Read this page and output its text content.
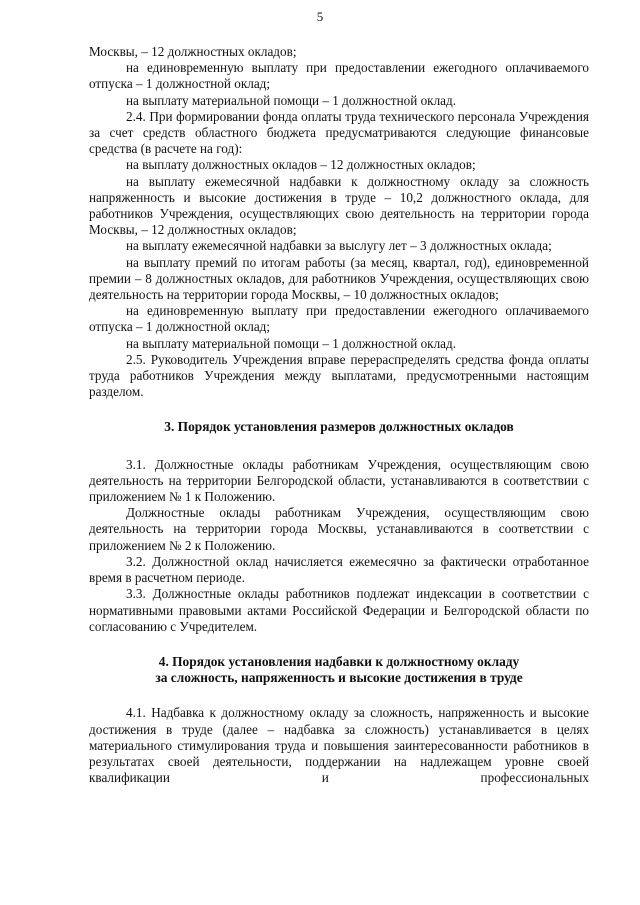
5

Москвы, – 12 должностных окладов;

на единовременную выплату при предоставлении ежегодного оплачиваемого отпуска – 1 должностной оклад;

на выплату материальной помощи – 1 должностной оклад.

2.4. При формировании фонда оплаты труда технического персонала Учреждения за счет средств областного бюджета предусматриваются следующие финансовые средства (в расчете на год):

на выплату должностных окладов – 12 должностных окладов;

на выплату ежемесячной надбавки к должностному окладу за сложность напряженность и высокие достижения в труде – 10,2 должностного оклада, для работников Учреждения, осуществляющих свою деятельность на территории города Москвы, – 12 должностных окладов;

на выплату ежемесячной надбавки за выслугу лет – 3 должностных оклада;

на выплату премий по итогам работы (за месяц, квартал, год), единовременной премии – 8 должностных окладов, для работников Учреждения, осуществляющих свою деятельность на территории города Москвы, – 10 должностных окладов;

на единовременную выплату при предоставлении ежегодного оплачиваемого отпуска – 1 должностной оклад;

на выплату материальной помощи – 1 должностной оклад.

2.5. Руководитель Учреждения вправе перераспределять средства фонда оплаты труда работников Учреждения между выплатами, предусмотренными настоящим разделом.

3. Порядок установления размеров должностных окладов

3.1. Должностные оклады работникам Учреждения, осуществляющим свою деятельность на территории Белгородской области, устанавливаются в соответствии с приложением № 1 к Положению.

Должностные оклады работникам Учреждения, осуществляющим свою деятельность на территории города Москвы, устанавливаются в соответствии с приложением № 2 к Положению.

3.2. Должностной оклад начисляется ежемесячно за фактически отработанное время в расчетном периоде.

3.3. Должностные оклады работников подлежат индексации в соответствии с нормативными правовыми актами Российской Федерации и Белгородской области по согласованию с Учредителем.

4. Порядок установления надбавки к должностному окладу
за сложность, напряженность и высокие достижения в труде

4.1. Надбавка к должностному окладу за сложность, напряженность и высокие достижения в труде (далее – надбавка за сложность) устанавливается в целях материального стимулирования труда и повышения заинтересованности работников в результатах своей деятельности, поддержании на надлежащем уровне своей квалификации и профессиональных
